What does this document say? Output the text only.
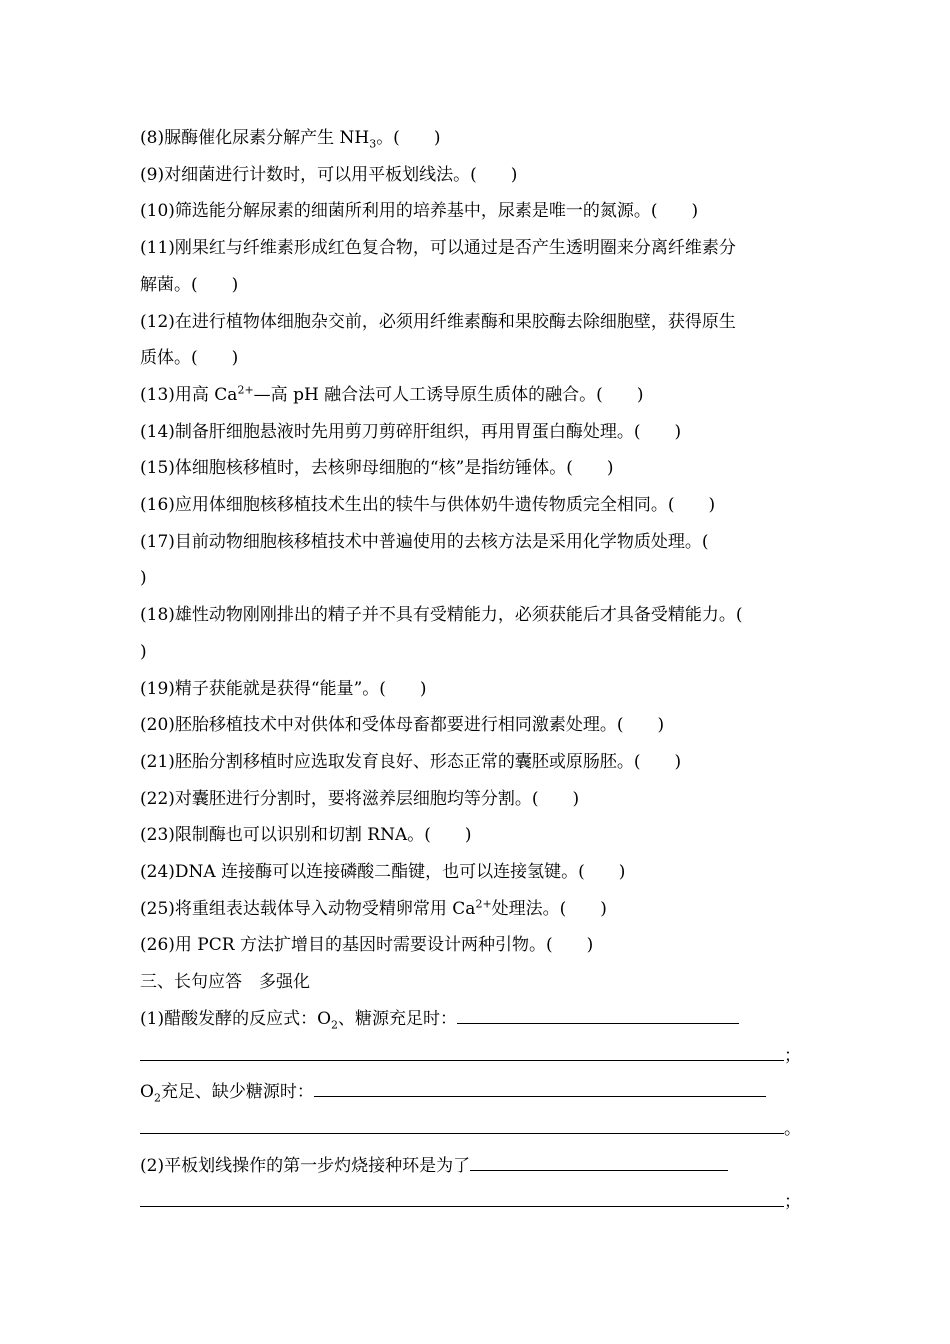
(8)脲酶催化尿素分解产生 $NH_3$。(　　)
(9)对细菌进行计数时，可以用平板划线法。(　　)
(10)筛选能分解尿素的细菌所利用的培养基中，尿素是唯一的氮源。(　　)
(11)刚果红与纤维素形成红色复合物，可以通过是否产生透明圈来分离纤维素分
解菌。(　　)
(12)在进行植物体细胞杂交前，必须用纤维素酶和果胶酶去除细胞壁，获得原生
质体。(　　)
(13)用高 $Ca^{2+}—$高 pH 融合法可人工诱导原生质体的融合。(　　)
(14)制备肝细胞悬液时先用剪刀剪碎肝组织，再用胃蛋白酶处理。(　　)
(15)体细胞核移植时，去核卵母细胞的“核”是指纺锤体。(　　)
(16)应用体细胞核移植技术生出的犊牛与供体奶牛遗传物质完全相同。(　　)
(17)目前动物细胞核移植技术中普遍使用的去核方法是采用化学物质处理。(
)
(18)雄性动物刚刚排出的精子并不具有受精能力，必须获能后才具备受精能力。(
)
(19)精子获能就是获得“能量”。(　　)
(20)胚胎移植技术中对供体和受体母畜都要进行相同激素处理。(　　)
(21)胚胎分割移植时应选取发育良好、形态正常的囊胚或原肠胚。(　　)
(22)对囊胚进行分割时，要将滋养层细胞均等分割。(　　)
(23)限制酶也可以识别和切割 RNA。(　　)
(24)DNA 连接酶可以连接磷酸二酯键，也可以连接氢键。(　　)
(25)将重组表达载体导入动物受精卵常用 $Ca^{2+}$处理法。(　　)
(26)用 PCR 方法扩增目的基因时需要设计两种引物。(　　)
三、长句应答　多强化
(1)醋酸发酵的反应式：$O_2$、糖源充足时：
；
$O_2$充足、缺少糖源时：
。
(2)平板划线操作的第一步灼烧接种环是为了
；
